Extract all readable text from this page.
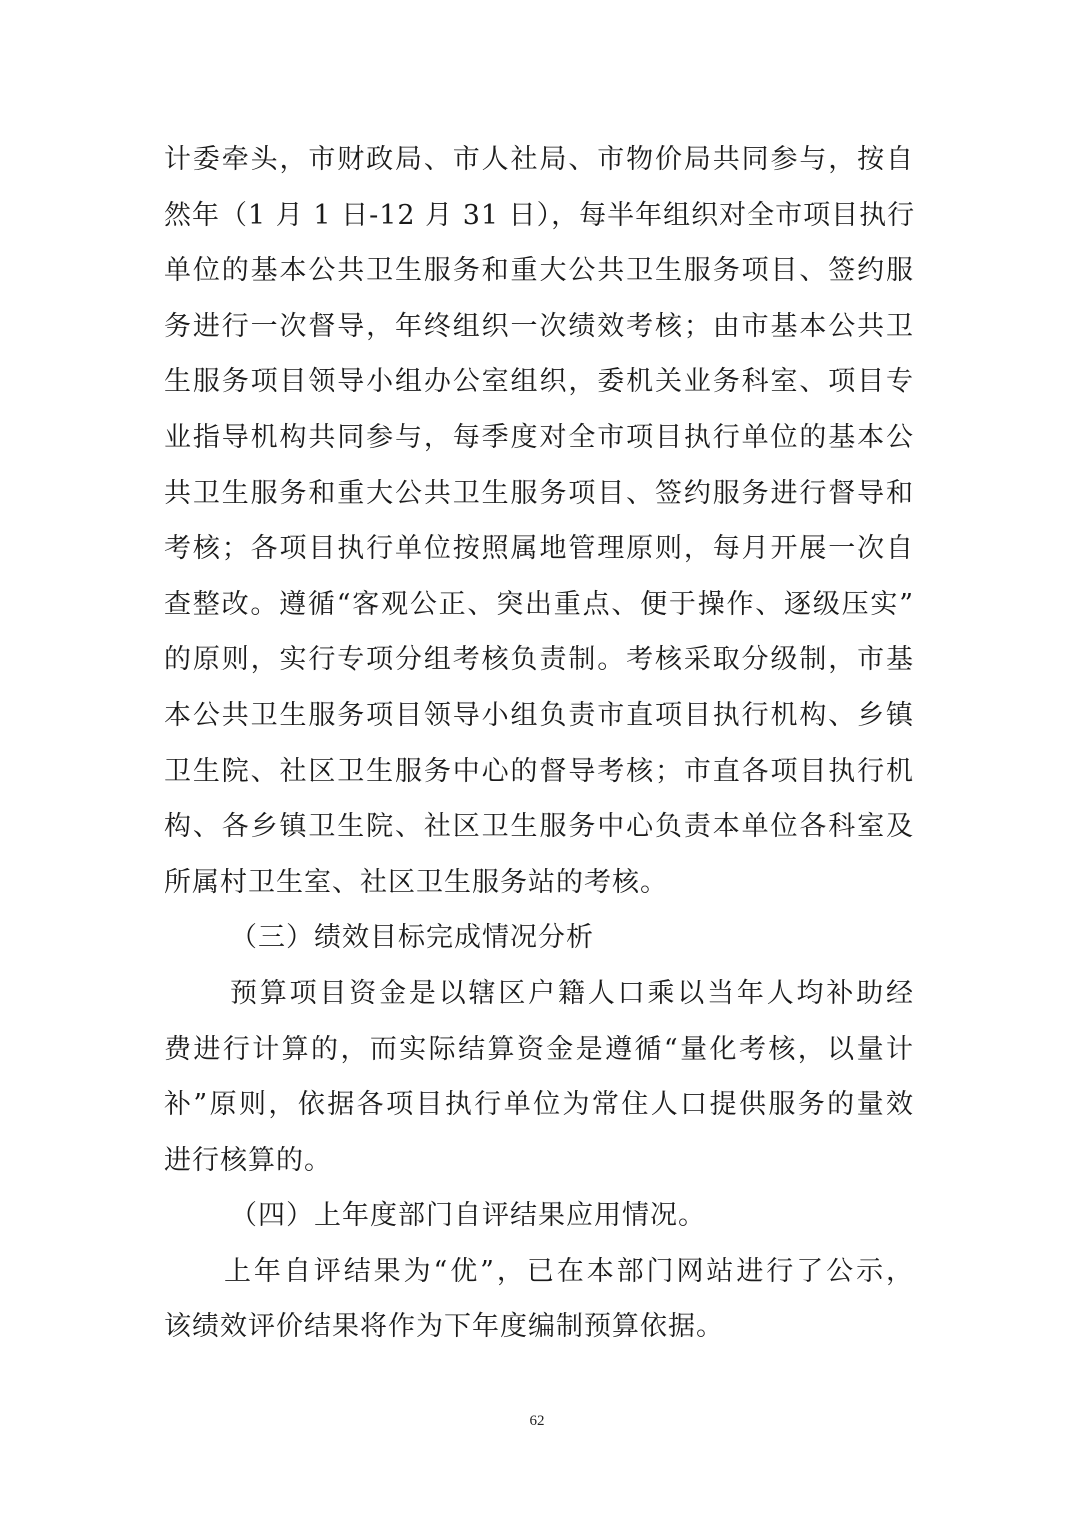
计委牵头，市财政局、市人社局、市物价局共同参与，按自
然年（1 月 1 日-12 月 31 日），每半年组织对全市项目执行
单位的基本公共卫生服务和重大公共卫生服务项目、签约服
务进行一次督导，年终组织一次绩效考核；由市基本公共卫
生服务项目领导小组办公室组织，委机关业务科室、项目专
业指导机构共同参与，每季度对全市项目执行单位的基本公
共卫生服务和重大公共卫生服务项目、签约服务进行督导和
考核；各项目执行单位按照属地管理原则，每月开展一次自
查整改。遵循“客观公正、突出重点、便于操作、逐级压实”
的原则，实行专项分组考核负责制。考核采取分级制，市基
本公共卫生服务项目领导小组负责市直项目执行机构、乡镇
卫生院、社区卫生服务中心的督导考核；市直各项目执行机
构、各乡镇卫生院、社区卫生服务中心负责本单位各科室及
所属村卫生室、社区卫生服务站的考核。
（三）绩效目标完成情况分析
预算项目资金是以辖区户籍人口乘以当年人均补助经
费进行计算的，而实际结算资金是遵循“量化考核，以量计
补”原则，依据各项目执行单位为常住人口提供服务的量效
进行核算的。
（四）上年度部门自评结果应用情况。
上年自评结果为“优”，已在本部门网站进行了公示，
该绩效评价结果将作为下年度编制预算依据。
62
